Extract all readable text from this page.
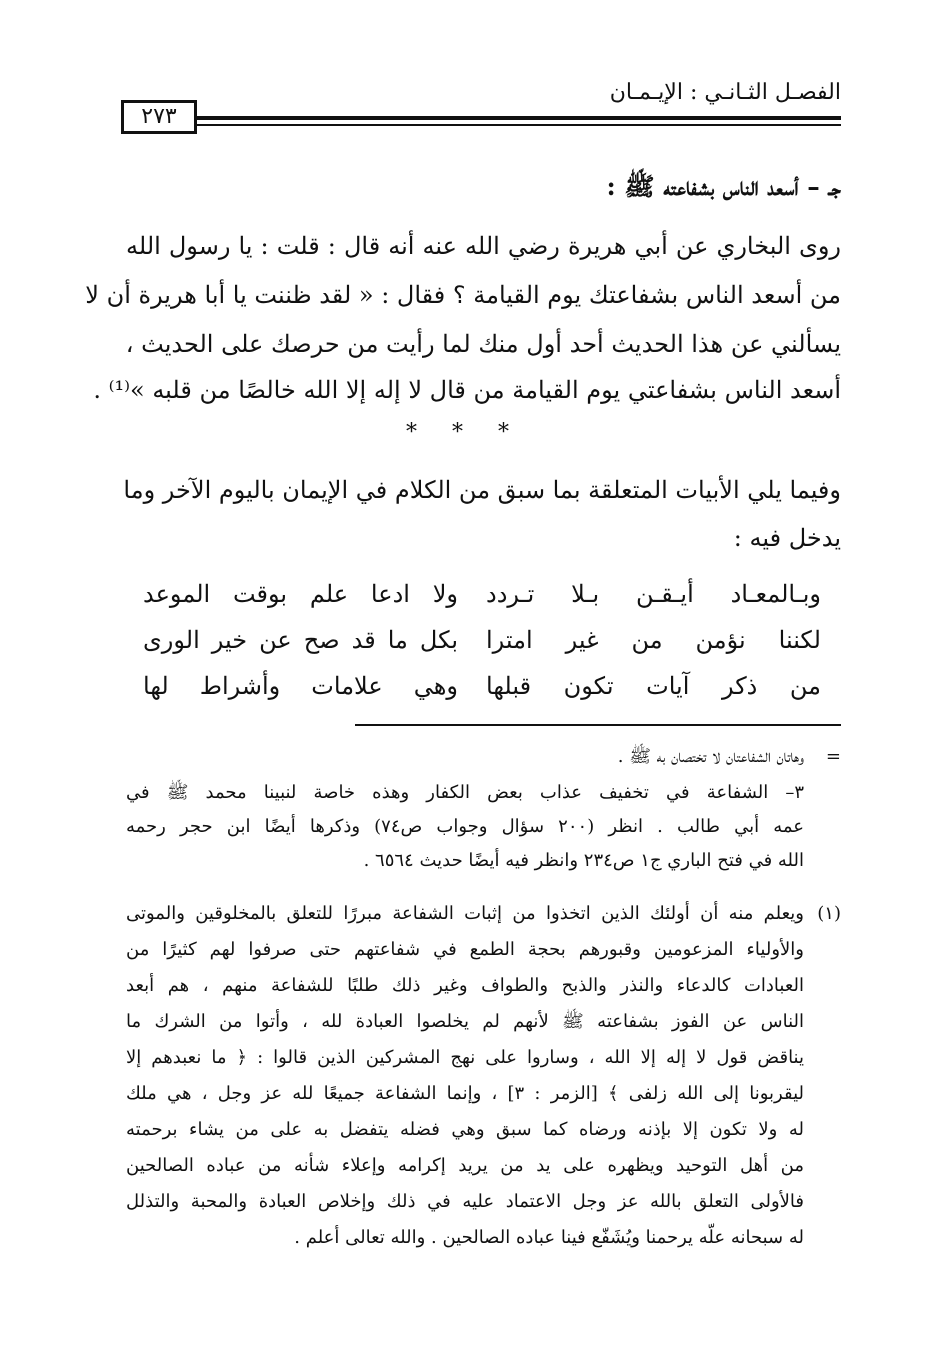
الفصـل الثـانـي : الإيـمـان
٢٧٣
جـ – أسعد الناس بشفاعته ﷺ :
روى البخاري عن أبي هريرة رضي الله عنه أنه قال : قلت : يا رسول الله
من أسعد الناس بشفاعتك يوم القيامة ؟ فقال : « لقد ظننت يا أبا هريرة أن لا
يسألني عن هذا الحديث أحد أول منك لما رأيت من حرصك على الحديث ،
أسعد الناس بشفاعتي يوم القيامة من قال لا إله إلا الله خالصًا من قلبه »⁽¹⁾ .
* * *
وفيما يلي الأبيات المتعلقة بما سبق من الكلام في الإيمان باليوم الآخر وما
يدخل فيه :
وبـالمعـاد أيـقـن بـلا تـردد
ولا ادعا علم بوقت الموعد
لكننا نؤمن من غير امترا
بكل ما قد صح عن خير الورى
من ذكر آيات تكون قبلها
وهي علامات وأشراط لها
=
وهاتان الشفاعتان لا تختصان به ﷺ .
٣– الشفاعة في تخفيف عذاب بعض الكفار وهذه خاصة لنبينا محمد ﷺ في
عمه أبي طالب . انظر (٢٠٠ سؤال وجواب ص٧٤) وذكرها أيضًا ابن حجر رحمه
الله في فتح الباري ج١ ص٢٣٤ وانظر فيه أيضًا حديث ٦٥٦٤ .
(١)
ويعلم منه أن أولئك الذين اتخذوا من إثبات الشفاعة مبررًا للتعلق بالمخلوقين والموتى
والأولياء المزعومين وقبورهم بحجة الطمع في شفاعتهم حتى صرفوا لهم كثيرًا من
العبادات كالدعاء والنذر والذبح والطواف وغير ذلك طلبًا للشفاعة منهم ، هم أبعد
الناس عن الفوز بشفاعته ﷺ لأنهم لم يخلصوا العبادة لله ، وأتوا من الشرك ما
يناقض قول لا إله إلا الله ، وساروا على نهج المشركين الذين قالوا : ﴿ ما نعبدهم إلا
ليقربونا إلى الله زلفى ﴾ [الزمر : ٣] ، وإنما الشفاعة جميعًا لله عز وجل ، هي ملك
له ولا تكون إلا بإذنه ورضاه كما سبق وهي فضله يتفضل به على من يشاء برحمته
من أهل التوحيد ويظهره على يد من يريد إكرامه وإعلاء شأنه من عباده الصالحين
فالأولى التعلق بالله عز وجل الاعتماد عليه في ذلك وإخلاص العبادة والمحبة والتذلل
له سبحانه علّه يرحمنا ويُشَفّع فينا عباده الصالحين . والله تعالى أعلم .
